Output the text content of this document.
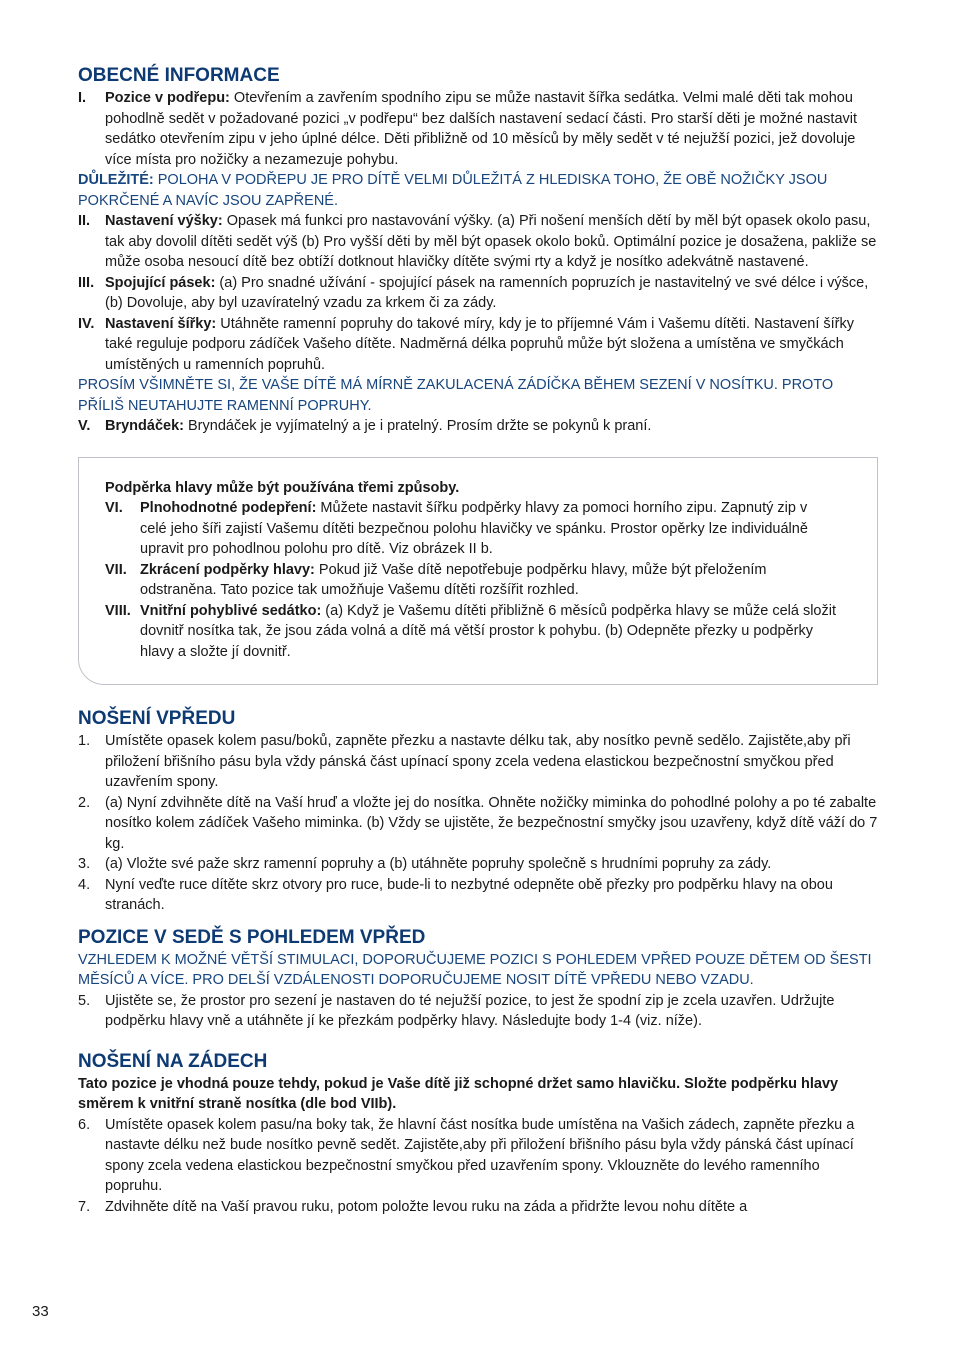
OBECNÉ INFORMACE
I.	Pozice v podřepu: Otevřením a zavřením spodního zipu se může nastavit šířka sedátka. Velmi malé děti tak mohou pohodlně sedět v požadované pozici „v podřepu“ bez dalších nastavení sedací části. Pro starší děti je možné nastavit sedátko otevřením zipu v jeho úplné délce. Děti přibližně od 10 měsíců by měly sedět v té nejužší pozici, jež dovoluje více místa pro nožičky a nezamezuje pohybu.

DŮLEŽITÉ: POLOHA V PODŘEPU JE PRO DÍTĚ VELMI DŮLEŽITÁ Z HLEDISKA TOHO, ŽE OBĚ NOŽIČKY JSOU POKRČENÉ A NAVÍC JSOU ZAPŘENÉ.

II.	Nastavení výšky: Opasek má funkci pro nastavování výšky. (a) Při nošení menších dětí by měl být opasek okolo pasu, tak aby dovolil dítěti sedět výš (b) Pro vyšší děti by měl být opasek okolo boků. Optimální pozice je dosažena, pakliže se může osoba nesoucí dítě bez obtíží dotknout hlavičky dítěte svými rty a když je nosítko adekvátně nastavené.
III. Spojující pásek: (a) Pro snadné užívání - spojující pásek na ramenních popruzích je nastavitelný ve své délce i výšce, (b) Dovoluje, aby byl uzavíratelný vzadu za krkem či za zády.
IV. Nastavení šířky: Utáhněte ramenní popruhy do takové míry, kdy je to příjemné Vám i Vašemu dítěti. Nastavení šířky také reguluje podporu zádíček Vašeho dítěte. Nadměrná délka popruhů může být složena a umístěna ve smyčkách umístěných u ramenních popruhů.

PROSÍM VŠIMNĚTE SI, ŽE VAŠE DÍTĚ MÁ MÍRNĚ ZAKULACENÁ ZÁDÍČKA BĚHEM SEZENÍ V NOSÍTKU. PROTO PŘÍLIŠ NEUTAHUJTE RAMENNÍ POPRUHY.

V.	Bryndáček: Bryndáček je vyjímatelný a je i pratelný. Prosím držte se pokynů k praní.

Podpěrka hlavy může být používána třemi způsoby.

VI.	Plnohodnotné podepření: Můžete nastavit šířku podpěrky hlavy za pomoci horního zipu. Zapnutý zip v celé jeho šíři zajistí Vašemu dítěti bezpečnou polohu hlavičky ve spánku. Prostor opěrky lze individuálně upravit pro pohodlnou polohu pro dítě. Viz obrázek II b.
VII. Zkrácení podpěrky hlavy: Pokud již Vaše dítě nepotřebuje podpěrku hlavy, může být přeložením odstraněna. Tato pozice tak umožňuje Vašemu dítěti rozšířit rozhled.
VIII. Vnitřní pohyblivé sedátko: (a) Když je Vašemu dítěti přibližně 6 měsíců podpěrka hlavy se může celá složit dovnitř nosítka tak, že jsou záda volná a dítě má větší prostor k pohybu. (b) Odepněte přezky u podpěrky hlavy a složte jí dovnitř.
NOŠENÍ VPŘEDU
1.	Umístěte opasek kolem pasu/boků, zapněte přezku a nastavte délku tak, aby nosítko pevně sedělo. Zajistěte,aby při přiložení břišního pásu byla vždy pánská část upínací spony zcela vedena elastickou bezpečnostní smyčkou před uzavřením spony.
2.	(a) Nyní zdvihněte dítě na Vaší hruď a vložte jej do nosítka. Ohněte nožičky miminka do pohodlné polohy a po té zabalte nosítko kolem zádíček Vašeho miminka. (b) Vždy se ujistěte, že bezpečnostní smyčky jsou uzavřeny, když dítě váží do 7 kg.
3.	(a) Vložte své paže skrz ramenní popruhy a (b) utáhněte popruhy společně s hrudními popruhy za zády.
4.	Nyní veďte ruce dítěte skrz otvory pro ruce, bude-li to nezbytné odepněte obě přezky pro podpěrku hlavy na obou stranách.
POZICE V SEDĚ S POHLEDEM VPŘED

VZHLEDEM K MOŽNÉ VĚTŠÍ STIMULACI, DOPORUČUJEME POZICI S POHLEDEM VPŘED POUZE DĚTEM OD ŠESTI MĚSÍCŮ A VÍCE. PRO DELŠÍ VZDÁLENOSTI DOPORUČUJEME NOSIT DÍTĚ VPŘEDU NEBO VZADU.

5.	Ujistěte se, že prostor pro sezení je nastaven do té nejužší pozice, to jest že spodní zip je zcela uzavřen. Udržujte podpěrku hlavy vně a utáhněte jí ke přezkám podpěrky hlavy. Následujte body 1-4 (viz. níže).
NOŠENÍ NA ZÁDECH

Tato pozice je vhodná pouze tehdy, pokud je Vaše dítě již schopné držet samo hlavičku. Složte podpěrku hlavy směrem k vnitřní straně nosítka (dle bod VIIb).

6.	Umístěte opasek kolem pasu/na boky tak, že hlavní část nosítka bude umístěna na Vašich zádech, zapněte přezku a nastavte délku než bude nosítko pevně sedět. Zajistěte,aby při přiložení břišního pásu byla vždy pánská část upínací spony zcela vedena elastickou bezpečnostní smyčkou před uzavřením spony. Vklouzněte do levého ramenního popruhu.
7.	Zdvihněte dítě na Vaší pravou ruku, potom položte levou ruku na záda a přidržte levou nohu dítěte a
33
